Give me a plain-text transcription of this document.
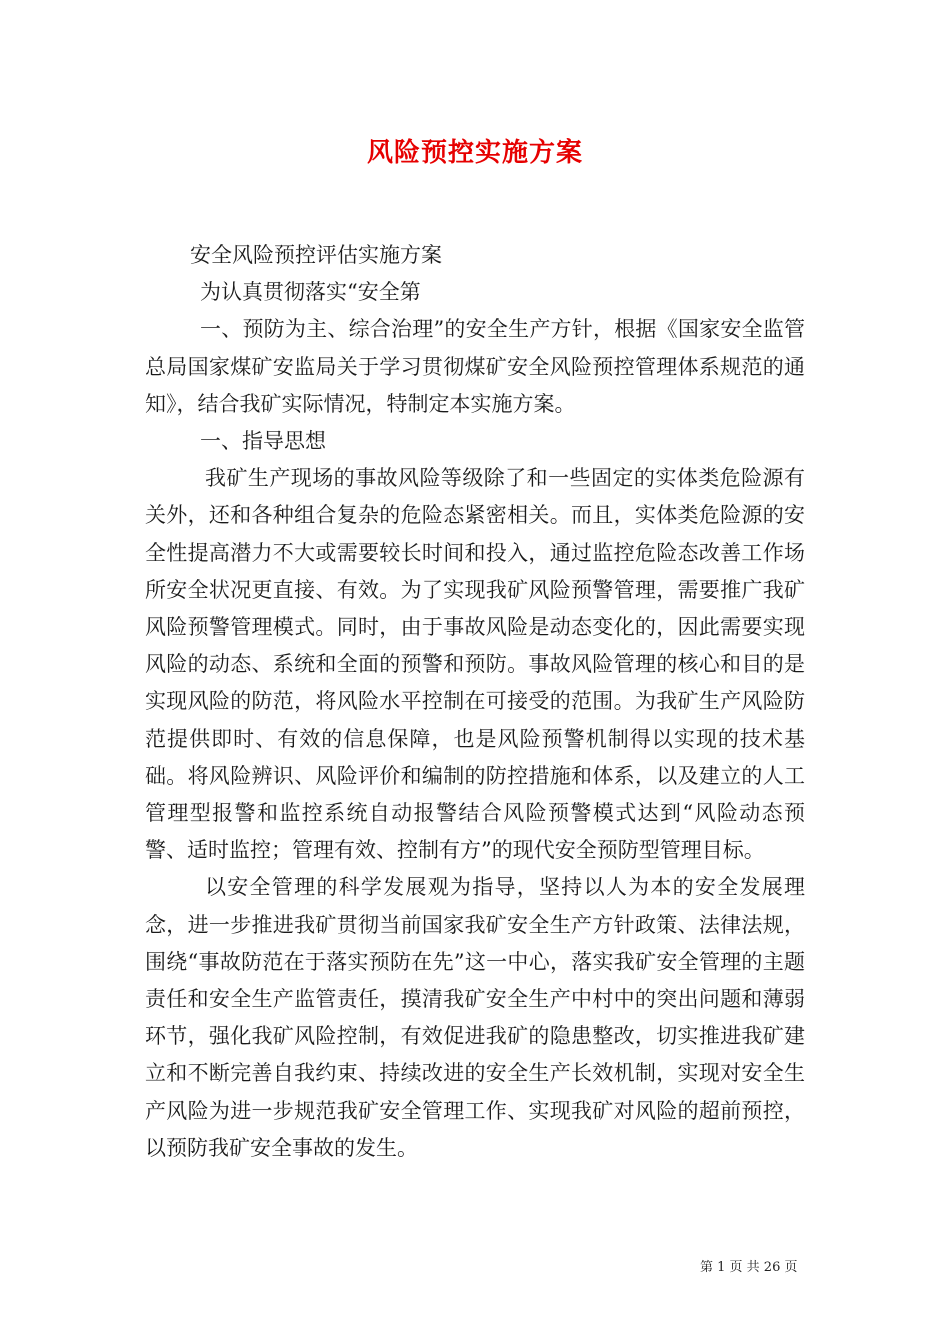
风险预控实施方案

安全风险预控评估实施方案

为认真贯彻落实“安全第

一、预防为主、综合治理”的安全生产方针，根据《国家安全监管总局国家煤矿安监局关于学习贯彻煤矿安全风险预控管理体系规范的通知》，结合我矿实际情况，特制定本实施方案。

一、指导思想

我矿生产现场的事故风险等级除了和一些固定的实体类危险源有关外，还和各种组合复杂的危险态紧密相关。而且，实体类危险源的安全性提高潜力不大或需要较长时间和投入，通过监控危险态改善工作场所安全状况更直接、有效。为了实现我矿风险预警管理，需要推广我矿风险预警管理模式。同时，由于事故风险是动态变化的，因此需要实现风险的动态、系统和全面的预警和预防。事故风险管理的核心和目的是实现风险的防范，将风险水平控制在可接受的范围。为我矿生产风险防范提供即时、有效的信息保障，也是风险预警机制得以实现的技术基础。将风险辨识、风险评价和编制的防控措施和体系，以及建立的人工管理型报警和监控系统自动报警结合风险预警模式达到“风险动态预警、适时监控；管理有效、控制有方”的现代安全预防型管理目标。

以安全管理的科学发展观为指导，坚持以人为本的安全发展理念，进一步推进我矿贯彻当前国家我矿安全生产方针政策、法律法规，围绕“事故防范在于落实预防在先”这一中心，落实我矿安全管理的主题责任和安全生产监管责任，摸清我矿安全生产中村中的突出问题和薄弱环节，强化我矿风险控制，有效促进我矿的隐患整改，切实推进我矿建立和不断完善自我约束、持续改进的安全生产长效机制，实现对安全生产风险为进一步规范我矿安全管理工作、实现我矿对风险的超前预控，以预防我矿安全事故的发生。

第 1 页 共 26 页
